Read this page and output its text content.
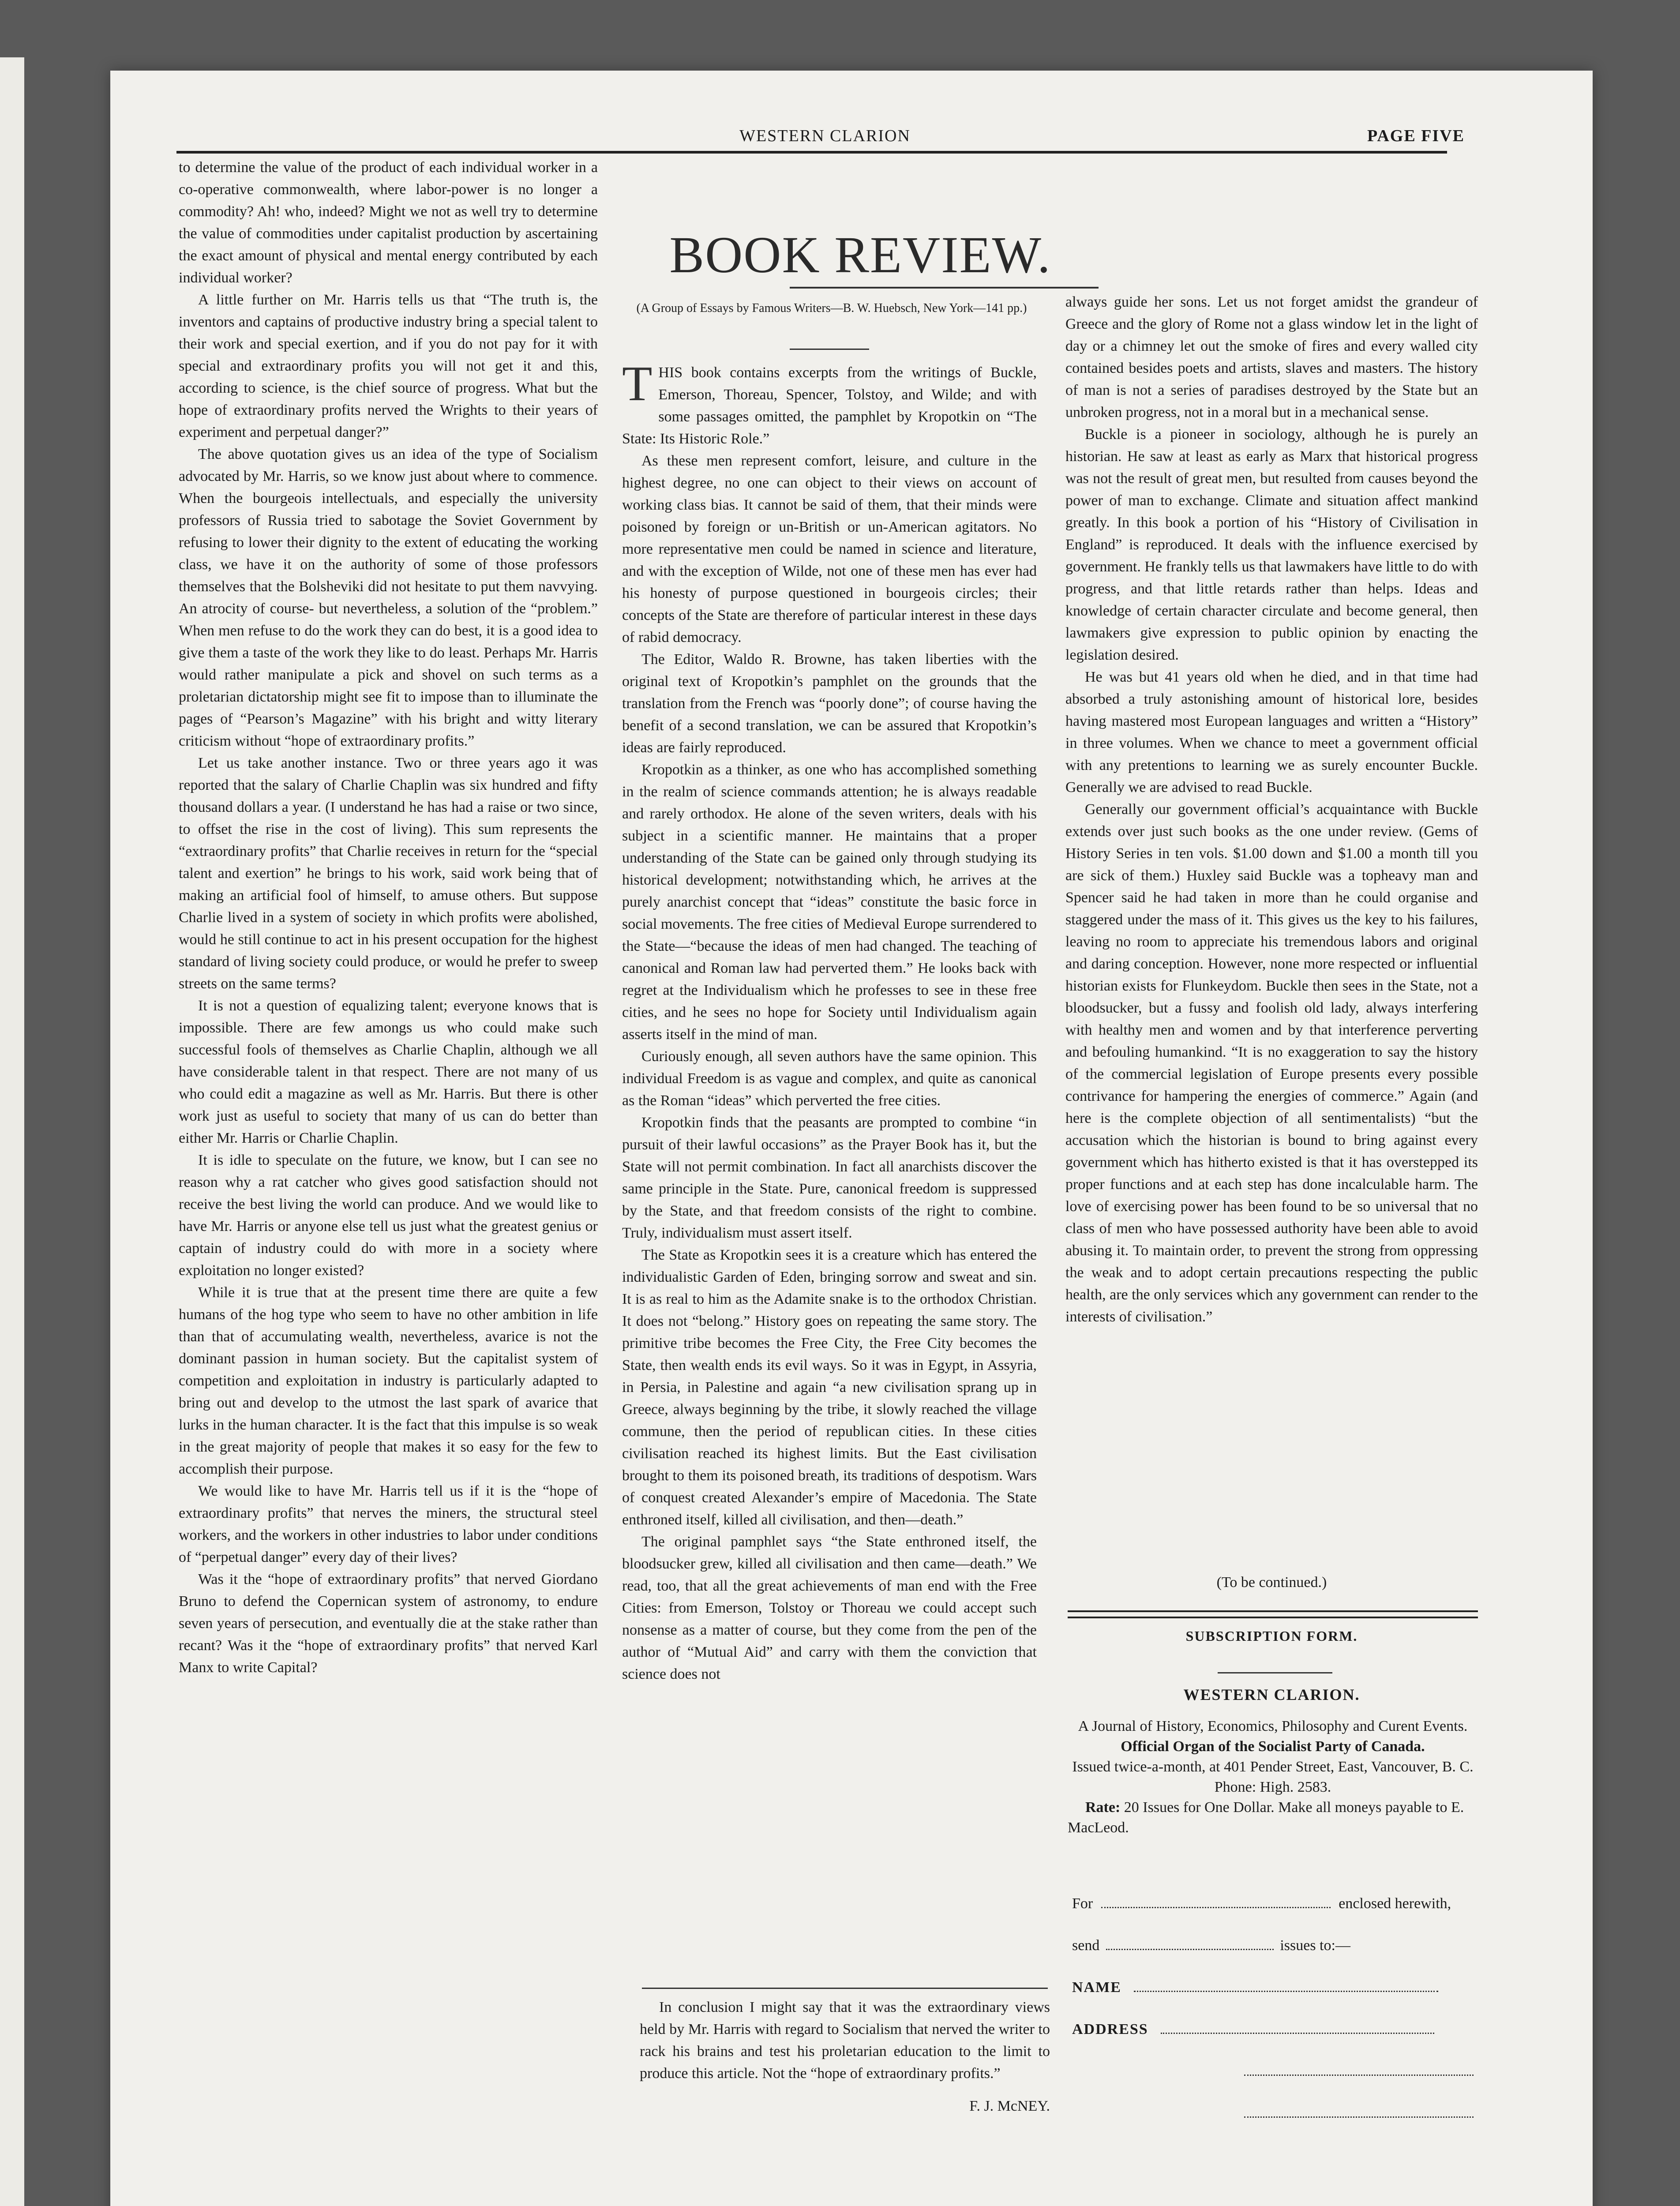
WESTERN CLARION	PAGE FIVE

to determine the value of the product of each individual worker in a co-operative commonwealth, where labor-power is no longer a commodity? Ah! who, indeed? Might we not as well try to determine the value of commodities under capitalist production by ascertaining the exact amount of physical and mental energy contributed by each individual worker?

A little further on Mr. Harris tells us that “The truth is, the inventors and captains of productive industry bring a special talent to their work and special exertion, and if you do not pay for it with special and extraordinary profits you will not get it and this, according to science, is the chief source of progress. What but the hope of extraordinary profits nerved the Wrights to their years of experiment and perpetual danger?”

The above quotation gives us an idea of the type of Socialism advocated by Mr. Harris, so we know just about where to commence. When the bourgeois intellectuals, and especially the university professors of Russia tried to sabotage the Soviet Government by refusing to lower their dignity to the extent of educating the working class, we have it on the authority of some of those professors themselves that the Bolsheviki did not hesitate to put them navvying. An atrocity of course- but nevertheless, a solution of the “problem.” When men refuse to do the work they can do best, it is a good idea to give them a taste of the work they like to do least. Perhaps Mr. Harris would rather manipulate a pick and shovel on such terms as a proletarian dictatorship might see fit to impose than to illuminate the pages of “Pearson’s Magazine” with his bright and witty literary criticism without “hope of extraordinary profits.”

Let us take another instance. Two or three years ago it was reported that the salary of Charlie Chaplin was six hundred and fifty thousand dollars a year. (I understand he has had a raise or two since, to offset the rise in the cost of living). This sum represents the “extraordinary profits” that Charlie receives in return for the “special talent and exertion” he brings to his work, said work being that of making an artificial fool of himself, to amuse others. But suppose Charlie lived in a system of society in which profits were abolished, would he still continue to act in his present occupation for the highest standard of living society could produce, or would he prefer to sweep streets on the same terms?

It is not a question of equalizing talent; everyone knows that is impossible. There are few amongs us who could make such successful fools of themselves as Charlie Chaplin, although we all have considerable talent in that respect. There are not many of us who could edit a magazine as well as Mr. Harris. But there is other work just as useful to society that many of us can do better than either Mr. Harris or Charlie Chaplin.

It is idle to speculate on the future, we know, but I can see no reason why a rat catcher who gives good satisfaction should not receive the best living the world can produce. And we would like to have Mr. Harris or anyone else tell us just what the greatest genius or captain of industry could do with more in a society where exploitation no longer existed?

While it is true that at the present time there are quite a few humans of the hog type who seem to have no other ambition in life than that of accumulating wealth, nevertheless, avarice is not the dominant passion in human society. But the capitalist system of competition and exploitation in industry is particularly adapted to bring out and develop to the utmost the last spark of avarice that lurks in the human character. It is the fact that this impulse is so weak in the great majority of people that makes it so easy for the few to accomplish their purpose.

We would like to have Mr. Harris tell us if it is the “hope of extraordinary profits” that nerves the miners, the structural steel workers, and the workers in other industries to labor under conditions of “perpetual danger” every day of their lives?

Was it the “hope of extraordinary profits” that nerved Giordano Bruno to defend the Copernican system of astronomy, to endure seven years of persecution, and eventually die at the stake rather than recant? Was it the “hope of extraordinary profits” that nerved Karl Manx to write Capital?

BOOK REVIEW.
(A Group of Essays by Famous Writers—B. W. Huebsch, New York—141 pp.)

THIS book contains excerpts from the writings of Buckle, Emerson, Thoreau, Spencer, Tolstoy, and Wilde; and with some passages omitted, the pamphlet by Kropotkin on “The State: Its Historic Role.”

As these men represent comfort, leisure, and culture in the highest degree, no one can object to their views on account of working class bias. It cannot be said of them, that their minds were poisoned by foreign or un-British or un-American agitators. No more representative men could be named in science and literature, and with the exception of Wilde, not one of these men has ever had his honesty of purpose questioned in bourgeois circles; their concepts of the State are therefore of particular interest in these days of rabid democracy.

The Editor, Waldo R. Browne, has taken liberties with the original text of Kropotkin’s pamphlet on the grounds that the translation from the French was “poorly done”; of course having the benefit of a second translation, we can be assured that Kropotkin’s ideas are fairly reproduced.

Kropotkin as a thinker, as one who has accomplished something in the realm of science commands attention; he is always readable and rarely orthodox. He alone of the seven writers, deals with his subject in a scientific manner. He maintains that a proper understanding of the State can be gained only through studying its historical development; notwithstanding which, he arrives at the purely anarchist concept that “ideas” constitute the basic force in social movements. The free cities of Medieval Europe surrendered to the State—“because the ideas of men had changed. The teaching of canonical and Roman law had perverted them.” He looks back with regret at the Individualism which he professes to see in these free cities, and he sees no hope for Society until Individualism again asserts itself in the mind of man.

Curiously enough, all seven authors have the same opinion. This individual Freedom is as vague and complex, and quite as canonical as the Roman “ideas” which perverted the free cities.

Kropotkin finds that the peasants are prompted to combine “in pursuit of their lawful occasions” as the Prayer Book has it, but the State will not permit combination. In fact all anarchists discover the same principle in the State. Pure, canonical freedom is suppressed by the State, and that freedom consists of the right to combine. Truly, individualism must assert itself.

The State as Kropotkin sees it is a creature which has entered the individualistic Garden of Eden, bringing sorrow and sweat and sin. It is as real to him as the Adamite snake is to the orthodox Christian. It does not “belong.” History goes on repeating the same story. The primitive tribe becomes the Free City, the Free City becomes the State, then wealth ends its evil ways. So it was in Egypt, in Assyria, in Persia, in Palestine and again “a new civilisation sprang up in Greece, always beginning by the tribe, it slowly reached the village commune, then the period of republican cities. In these cities civilisation reached its highest limits. But the East civilisation brought to them its poisoned breath, its traditions of despotism. Wars of conquest created Alexander’s empire of Macedonia. The State enthroned itself, killed all civilisation, and then—death.”

The original pamphlet says “the State enthroned itself, the bloodsucker grew, killed all civilisation and then came—death.” We read, too, that all the great achievements of man end with the Free Cities: from Emerson, Tolstoy or Thoreau we could accept such nonsense as a matter of course, but they come from the pen of the author of “Mutual Aid” and carry with them the conviction that science does not

In conclusion I might say that it was the extraordinary views held by Mr. Harris with regard to Socialism that nerved the writer to rack his brains and test his proletarian education to the limit to produce this article. Not the “hope of extraordinary profits.”

F. J. McNEY.

always guide her sons. Let us not forget amidst the grandeur of Greece and the glory of Rome not a glass window let in the light of day or a chimney let out the smoke of fires and every walled city contained besides poets and artists, slaves and masters. The history of man is not a series of paradises destroyed by the State but an unbroken progress, not in a moral but in a mechanical sense.

Buckle is a pioneer in sociology, although he is purely an historian. He saw at least as early as Marx that historical progress was not the result of great men, but resulted from causes beyond the power of man to exchange. Climate and situation affect mankind greatly. In this book a portion of his “History of Civilisation in England” is reproduced. It deals with the influence exercised by government. He frankly tells us that lawmakers have little to do with progress, and that little retards rather than helps. Ideas and knowledge of certain character circulate and become general, then lawmakers give expression to public opinion by enacting the legislation desired.

He was but 41 years old when he died, and in that time had absorbed a truly astonishing amount of historical lore, besides having mastered most European languages and written a “History” in three volumes. When we chance to meet a government official with any pretentions to learning we as surely encounter Buckle. Generally we are advised to read Buckle.

Generally our government official’s acquaintance with Buckle extends over just such books as the one under review. (Gems of History Series in ten vols. $1.00 down and $1.00 a month till you are sick of them.) Huxley said Buckle was a topheavy man and Spencer said he had taken in more than he could organise and staggered under the mass of it. This gives us the key to his failures, leaving no room to appreciate his tremendous labors and original and daring conception. However, none more respected or influential historian exists for Flunkeydom. Buckle then sees in the State, not a bloodsucker, but a fussy and foolish old lady, always interfering with healthy men and women and by that interference perverting and befouling humankind. “It is no exaggeration to say the history of the commercial legislation of Europe presents every possible contrivance for hampering the energies of commerce.” Again (and here is the complete objection of all sentimentalists) “but the accusation which the historian is bound to bring against every government which has hitherto existed is that it has overstepped its proper functions and at each step has done incalculable harm. The love of exercising power has been found to be so universal that no class of men who have possessed authority have been able to avoid abusing it. To maintain order, to prevent the strong from oppressing the weak and to adopt certain precautions respecting the public health, are the only services which any government can render to the interests of civilisation.”

(To be continued.)
SUBSCRIPTION FORM.
WESTERN CLARION.

A Journal of History, Economics, Philosophy and Curent Events.

Official Organ of the Socialist Party of Canada.

Issued twice-a-month, at 401 Pender Street, East, Vancouver, B. C. Phone: High. 2583.

Rate: 20 Issues for One Dollar. Make all moneys payable to E. MacLeod.

For	enclosed herewith,
send	issues to:—
NAME
ADDRESS
